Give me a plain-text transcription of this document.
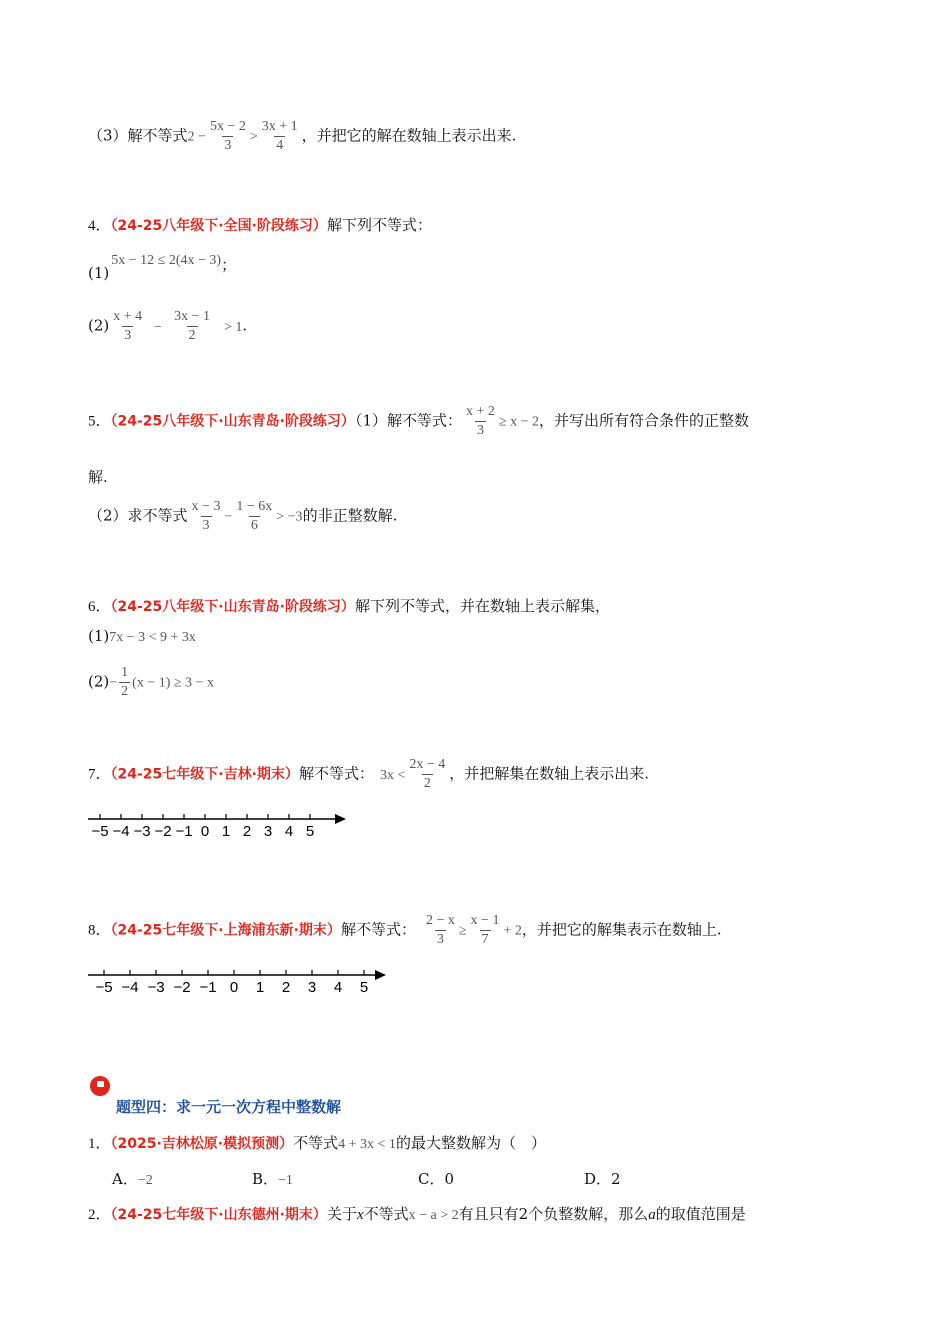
（3）解不等式$2 - \frac{5x - 2}{3} > \frac{3x + 1}{4}$ ，并把它的解在数轴上表示出来.
4．（24-25八年级下·全国·阶段练习）解下列不等式：
(1)5x − 12 ≤ 2(4x − 3)；
$(2) \frac{x + 4}{3} - \frac{3x - 1}{2} > 1$.
5．（24-25八年级下·山东青岛·阶段练习）（1）解不等式： $\frac{x + 2}{3} \ge x - 2$，并写出所有符合条件的正整数
解.
（2）求不等式 $\frac{x - 3}{3} - \frac{1 - 6x}{6} > -3$的非正整数解.
6．（24-25八年级下·山东青岛·阶段练习）解下列不等式，并在数轴上表示解集，
(1)7x − 3 < 9 + 3x
$(2)- \frac{1}{2} (x - 1) \ge 3 - x$
7．（24-25七年级下·吉林·期末）解不等式： $3x < \frac{2x - 4}{2}$ ，并把解集在数轴上表示出来.
−5 −4 −3 −2 −1 0 1 2 3 4 5
8．（24-25七年级下·上海浦东新·期末）解不等式： $\frac{2 - x}{3} \ge \frac{x - 1}{7} + 2$，并把它的解集表示在数轴上.
−5 −4 −3 −2 −1 0 1 2 3 4 5
题型四：求一元一次方程中整数解
1．（2025·吉林松原·模拟预测）不等式4 + 3x < 1的最大整数解为（　）
A．−2	B．−1	C．0	D．2
2．（24-25七年级下·山东德州·期末）关于x不等式x − a > 2有且只有2个负整数解，那么a的取值范围是
